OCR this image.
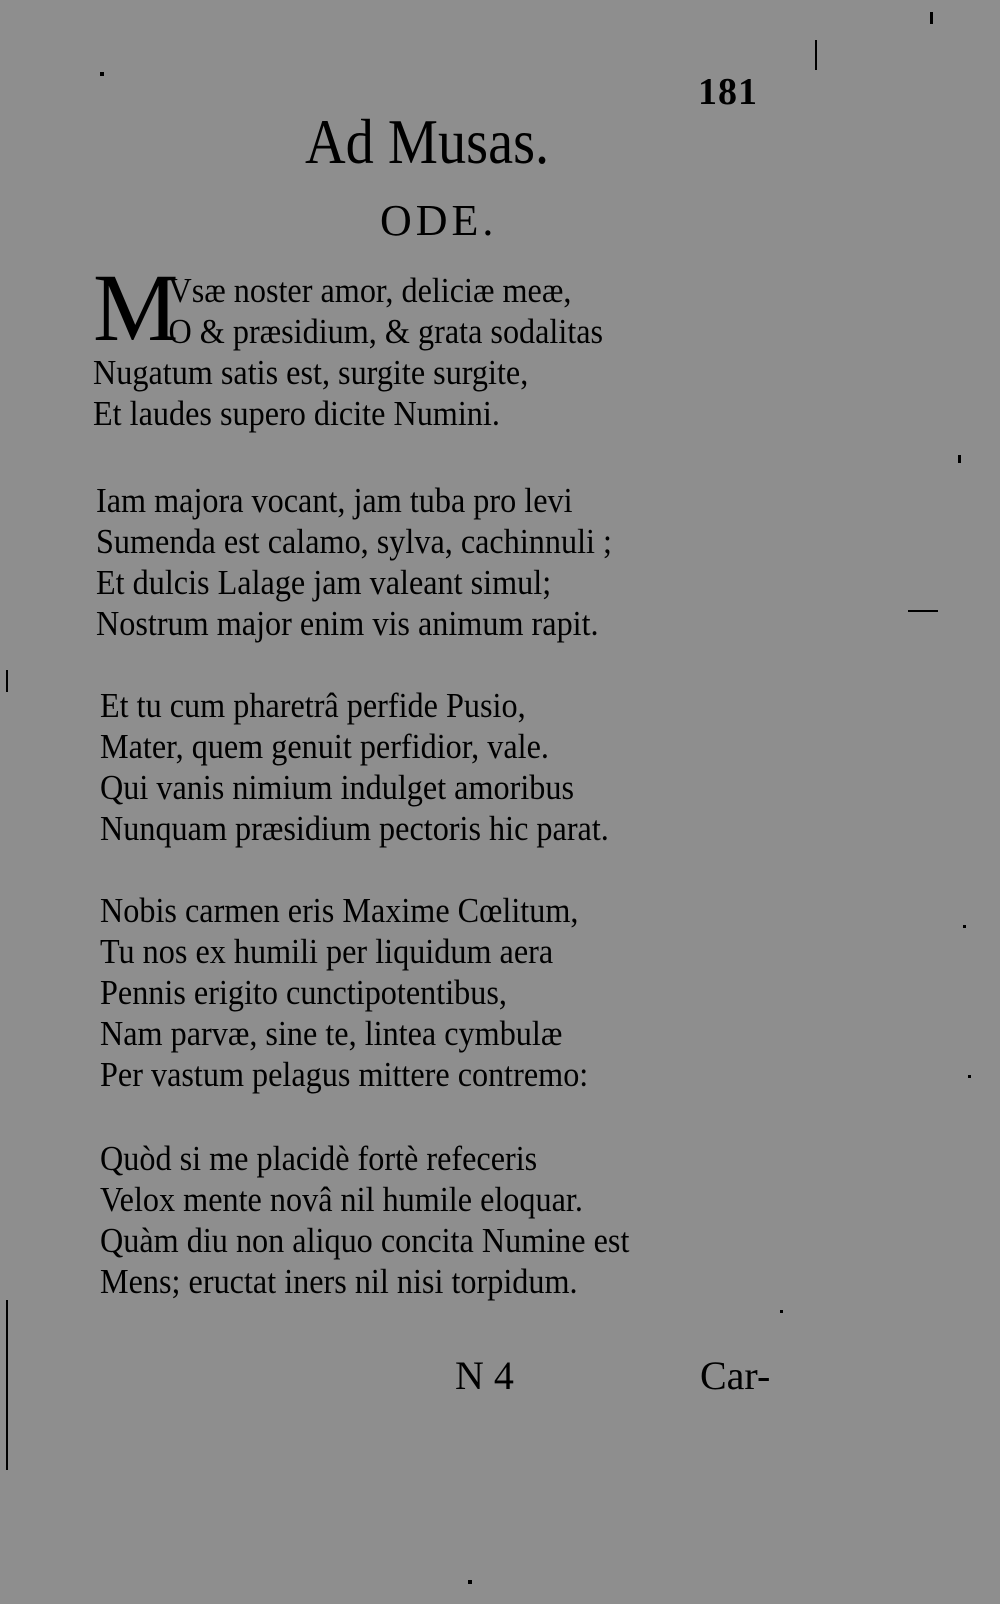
181
Ad Musas.
ODE.
M
Vsæ noster amor, deliciæ meæ,
O & præsidium, & grata sodalitas
Nugatum satis est, surgite surgite,
Et laudes supero dicite Numini.
Iam majora vocant, jam tuba pro levi
Sumenda est calamo, sylva, cachinnuli ;
Et dulcis Lalage jam valeant simul;
Nostrum major enim vis animum rapit.
Et tu cum pharetrâ perfide Pusio,
Mater, quem genuit perfidior, vale.
Qui vanis nimium indulget amoribus
Nunquam præsidium pectoris hic parat.
Nobis carmen eris Maxime Cœlitum,
Tu nos ex humili per liquidum aera
Pennis erigito cunctipotentibus,
Nam parvæ, sine te, lintea cymbulæ
Per vastum pelagus mittere contremo:
Quòd si me placidè fortè refeceris
Velox mente novâ nil humile eloquar.
Quàm diu non aliquo concita Numine est
Mens; eructat iners nil nisi torpidum.
N 4	Car-
